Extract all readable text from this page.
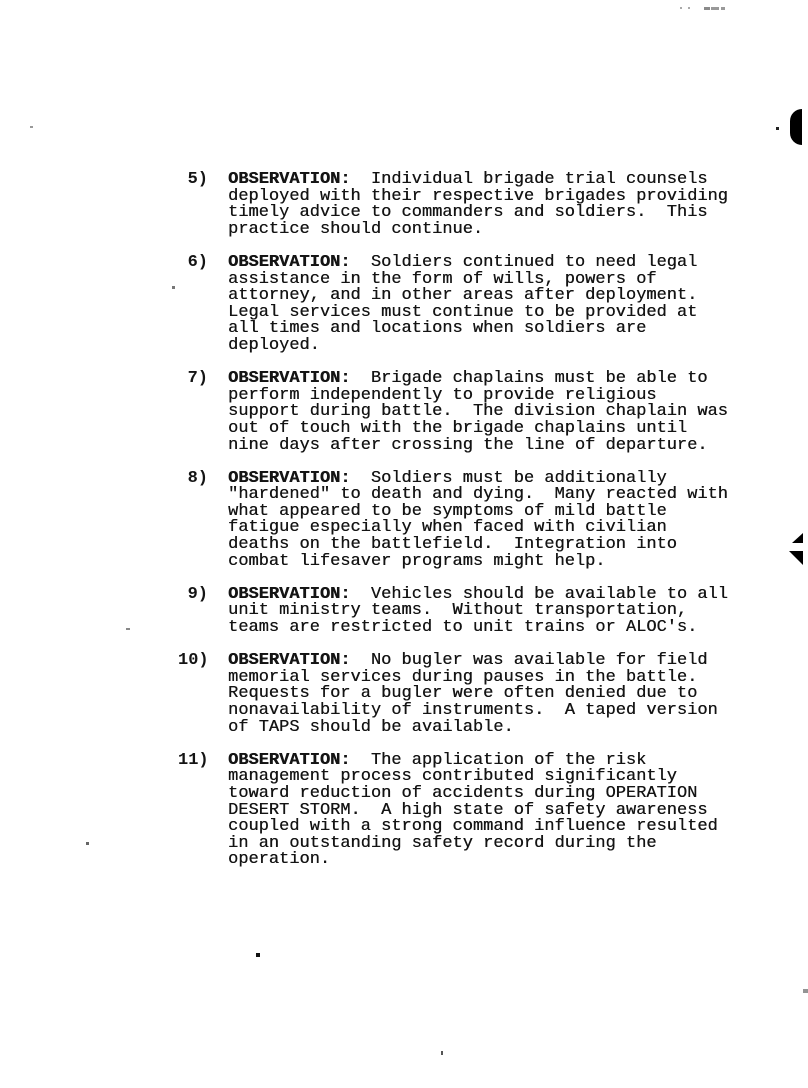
5) OBSERVATION:  Individual brigade trial counsels
deployed with their respective brigades providing
timely advice to commanders and soldiers.  This
practice should continue.
6) OBSERVATION:  Soldiers continued to need legal
assistance in the form of wills, powers of
attorney, and in other areas after deployment.
Legal services must continue to be provided at
all times and locations when soldiers are
deployed.
7) OBSERVATION:  Brigade chaplains must be able to
perform independently to provide religious
support during battle.  The division chaplain was
out of touch with the brigade chaplains until
nine days after crossing the line of departure.
8) OBSERVATION:  Soldiers must be additionally
"hardened" to death and dying.  Many reacted with
what appeared to be symptoms of mild battle
fatigue especially when faced with civilian
deaths on the battlefield.  Integration into
combat lifesaver programs might help.
9) OBSERVATION:  Vehicles should be available to all
unit ministry teams.  Without transportation,
teams are restricted to unit trains or ALOC's.
10) OBSERVATION:  No bugler was available for field
memorial services during pauses in the battle.
Requests for a bugler were often denied due to
nonavailability of instruments.  A taped version
of TAPS should be available.
11) OBSERVATION:  The application of the risk
management process contributed significantly
toward reduction of accidents during OPERATION
DESERT STORM.  A high state of safety awareness
coupled with a strong command influence resulted
in an outstanding safety record during the
operation.
